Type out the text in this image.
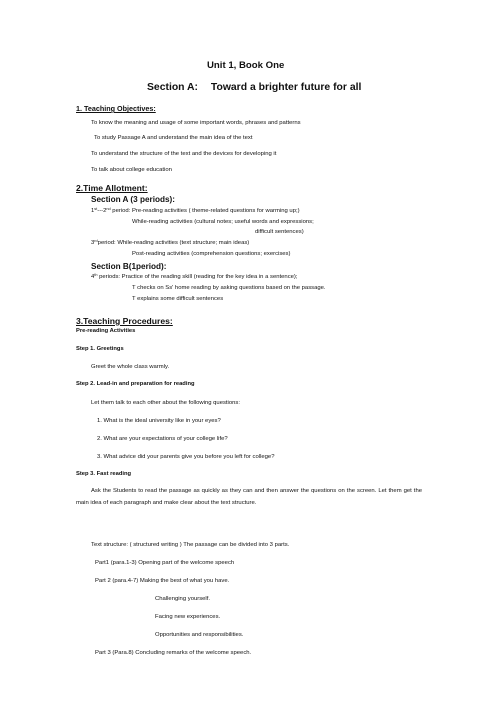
Unit 1, Book One
Section A: Toward a brighter future for all
1. Teaching Objectives:
To know the meaning and usage of some important words, phrases and patterns
To study Passage A and understand the main idea of the text
To understand the structure of the text and the devices for developing it
To talk about college education
2.Time Allotment:
Section A (3 periods):
1st---2nd period: Pre-reading activities ( theme-related questions for warming up;)
While-reading activities (cultural notes; useful words and expressions;
difficult sentences)
3rdperiod: While-reading activities (text structure; main ideas)
Post-reading activities (comprehension questions; exercises)
Section B(1period):
4th periods: Practice of the reading skill (reading for the key idea in a sentence);
T checks on Ss' home reading by asking questions based on the passage.
T explains some difficult sentences
3.Teaching Procedures:
Pre-reading Activities
Step 1. Greetings
Greet the whole class warmly.
Step 2. Lead-in and preparation for reading
Let them talk to each other about the following questions:
1. What is the ideal university like in your eyes?
2. What are your expectations of your college life?
3. What advice did your parents give you before you left for college?
Step 3. Fast reading
Ask the Students to read the passage as quickly as they can and then answer the questions on the screen. Let them get the main idea of each paragraph and make clear about the text structure.
Text structure: ( structured writing ) The passage can be divided into 3 parts.
Part1 (para.1-3) Opening part of the welcome speech
Part 2 (para.4-7) Making the best of what you have.
Challenging yourself.
Facing new experiences.
Opportunities and responsibilities.
Part 3 (Para.8) Concluding remarks of the welcome speech.
